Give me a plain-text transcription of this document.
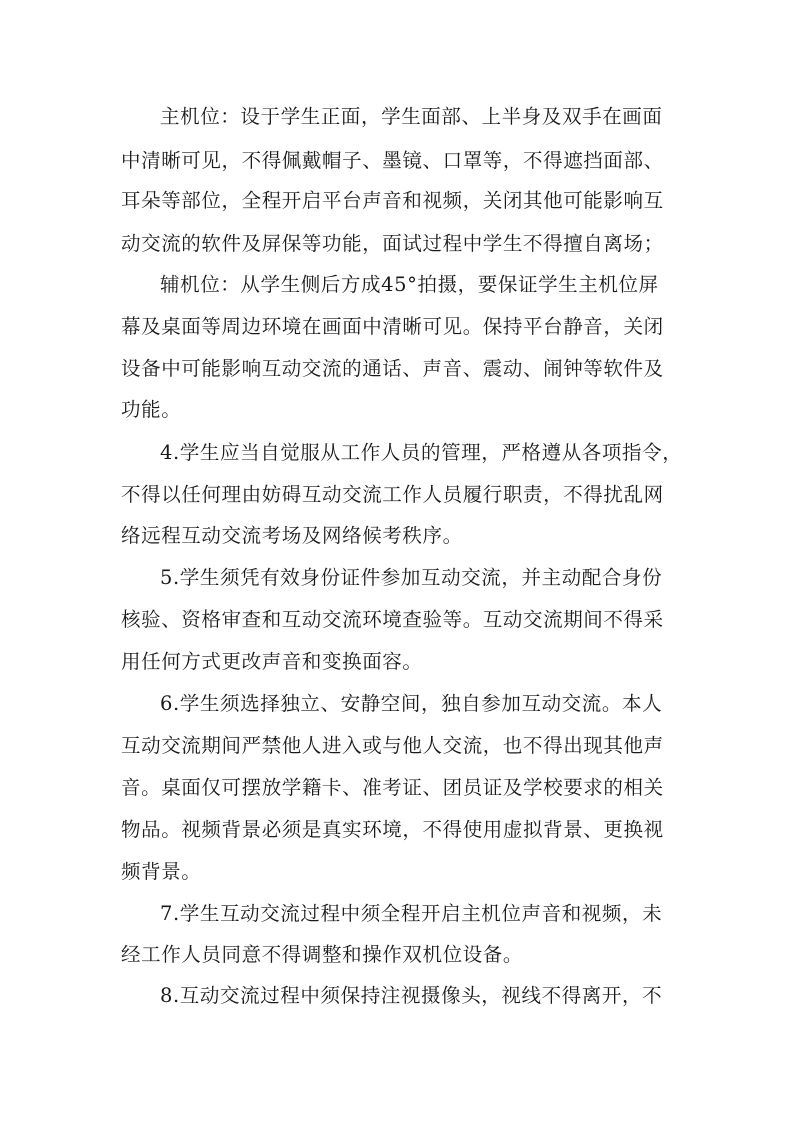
主机位：设于学生正面，学生面部、上半身及双手在画面
中清晰可见，不得佩戴帽子、墨镜、口罩等，不得遮挡面部、
耳朵等部位，全程开启平台声音和视频，关闭其他可能影响互
动交流的软件及屏保等功能，面试过程中学生不得擅自离场；
辅机位：从学生侧后方成45°拍摄，要保证学生主机位屏
幕及桌面等周边环境在画面中清晰可见。保持平台静音，关闭
设备中可能影响互动交流的通话、声音、震动、闹钟等软件及
功能。
4.学生应当自觉服从工作人员的管理，严格遵从各项指令，
不得以任何理由妨碍互动交流工作人员履行职责，不得扰乱网
络远程互动交流考场及网络候考秩序。
5.学生须凭有效身份证件参加互动交流，并主动配合身份
核验、资格审查和互动交流环境查验等。互动交流期间不得采
用任何方式更改声音和变换面容。
6.学生须选择独立、安静空间，独自参加互动交流。本人
互动交流期间严禁他人进入或与他人交流，也不得出现其他声
音。桌面仅可摆放学籍卡、准考证、团员证及学校要求的相关
物品。视频背景必须是真实环境，不得使用虚拟背景、更换视
频背景。
7.学生互动交流过程中须全程开启主机位声音和视频，未
经工作人员同意不得调整和操作双机位设备。
8.互动交流过程中须保持注视摄像头，视线不得离开，不
